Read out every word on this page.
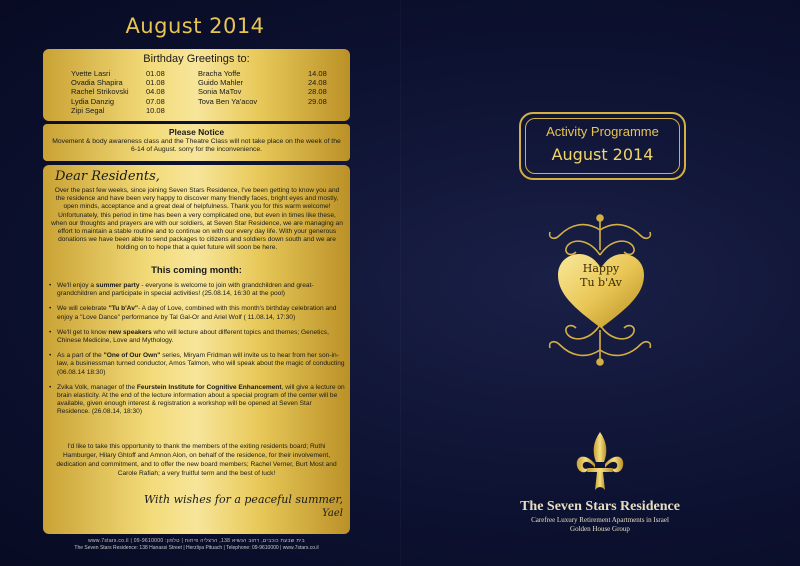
August 2014
Birthday Greetings to:
Yvette Lasri	01.08	Bracha Yoffe	14.08
Ovadia Shapira	01.08	Guido Mahler	24.08
Rachel Strikovski	04.08	Sonia MaTov	28.08
Lydia Danzig	07.08	Tova Ben Ya'acov	29.08
Zipi Segal	10.08
Please Notice

Movement & body awareness class and the Theatre Class will not take place on the week of the 6-14 of August. sorry for the inconvenience.

Dear Residents,

Over the past few weeks, since joining Seven Stars Residence, I've been getting to know you and the residence and have been very happy to discover many friendly faces, bright eyes and mostly, open minds, acceptance and a great deal of helpfulness. Thank you for this warm welcome!

Unfortunately, this period in time has been a very complicated one, but even in times like these, when our thoughts and prayers are with our soldiers, at Seven Star Residence, we are managing an effort to maintain a stable routine and to continue on with our every day life. With your generous donations we have been able to send packages to citizens and soldiers down south and we are holding on to hope that a quiet future will soon be here.

This coming month:
• We'll enjoy a summer party - everyone is welcome to join with grandchildren and great-grandchildren and participate in special activities! (25.08.14, 16:30 at the pool)
• We will celebrate "Tu b'Av"- A day of Love, combined with this month's birthday celebration and enjoy a "Love Dance" performance by Tal Gal-Or and Ariel Wolf ( 11.08.14, 17:30)
• We'll get to know new speakers who will lecture about different topics and themes; Genetics, Chinese Medicine, Love and Mythology.
• As a part of the "One of Our Own" series, Miryam Fridman will invite us to hear from her son-in-law, a businessman turned conductor, Amos Talmon, who will speak about the magic of conducting (06.08.14 18:30)
• Zvika Volk, manager of the Feurstein Institute for Cognitive Enhancement, will give a lecture on brain elasticity. At the end of the lecture information about a special program of the center will be available, given enough interest & registration a workshop will be opened at Seven Star Residence. (26.08.14, 18:30)
I'd like to take this opportunity to thank the members of the exiting residents board; Ruthi Hamburger, Hilary Ghtoff and Amnon Alon, on behalf of the residence, for their involvement, dedication and commitment, and to offer the new board members; Rachel Verner, Burt Most and Carole Rafiah; a very fruitful term and the best of luck!
With wishes for a peaceful summer,
Yael
www.7stars.co.il | 09-9610000 :בית שבעת כוכבים, רחוב הנשיא 138, הרצליה פיתוח | טלפון
The Seven Stars Residence: 138 Hanassi Street | Herzliya Pituach | Telephone: 09-9610000 | www.7stars.co.il
Activity Programme
August 2014
Happy
Tu b'Av
The Seven Stars Residence
Carefree Luxury Retirement Apartments in Israel
Golden House Group
